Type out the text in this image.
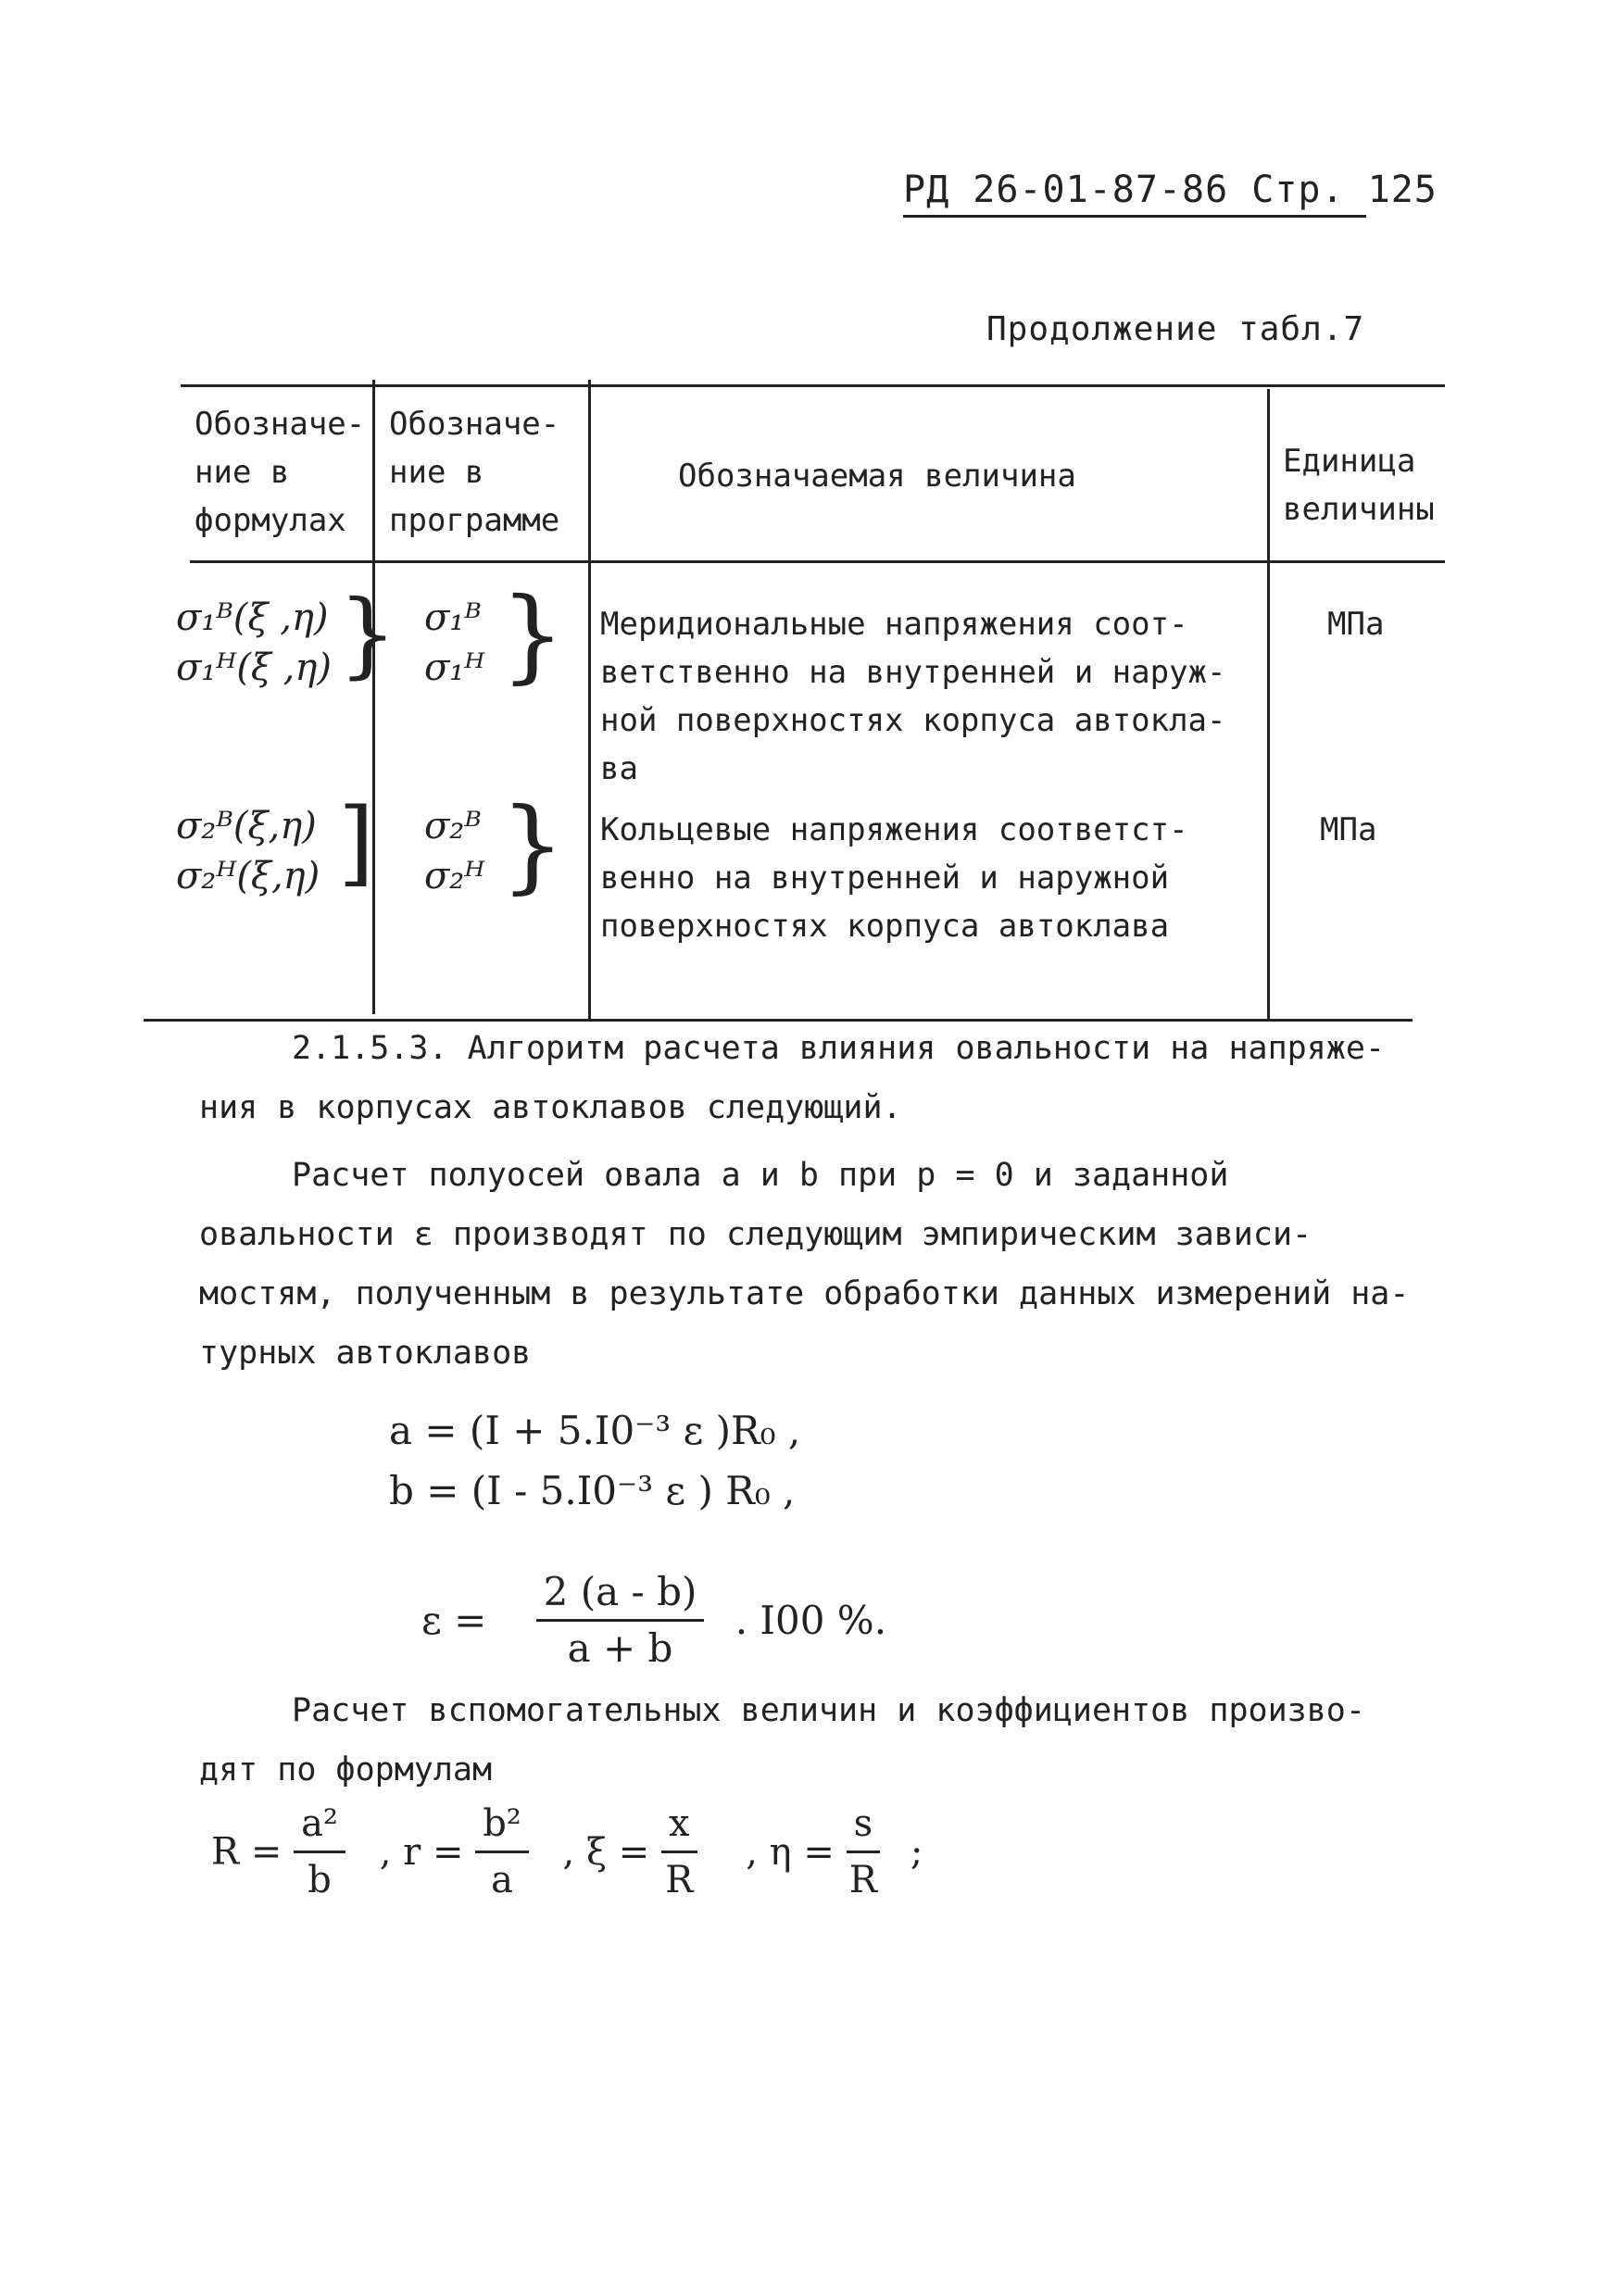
РД 26-01-87-86 Стр. 125
Продолжение табл.7
Обозначе-
ние в
формулах
Обозначе-
ние в
программе
Обозначаемая величина	Единица
величины
σ₁ᴮ(ξ ,η)
σ₁ᴴ(ξ ,η) } σ₁ᴮ
σ₁ᴴ } Меридиональные напряжения соот-
ветственно на внутренней и наруж-
ной поверхностях корпуса автокла-
ва
МПа
σ₂ᴮ(ξ,η)
σ₂ᴴ(ξ,η) ] σ₂ᴮ
σ₂ᴴ } Кольцевые напряжения соответст-
венно на внутренней и наружной
поверхностях корпуса автоклава
МПа
2.1.5.3. Алгоритм расчета влияния овальности на напряже-
ния в корпусах автоклавов следующий.
Расчет полуосей овала a и b при p = 0 и заданной
овальности ε производят по следующим эмпирическим зависи-
мостям, полученным в результате обработки данных измерений на-
турных автоклавов
a = (I + 5.I0⁻³ ε )R₀ ,
b = (I - 5.I0⁻³ ε ) R₀ ,
$\varepsilon = \frac{2 (a - b)}{a + b}$ . I00 %.
Расчет вспомогательных величин и коэффициентов произво-
дят по формулам
$R = \frac{\text{a²}}{b}$ , $r = \frac{\text{b²}}{a}$ , $\xi = \frac{x}{R}$ , $\eta = \frac{s}{R}$ ;
